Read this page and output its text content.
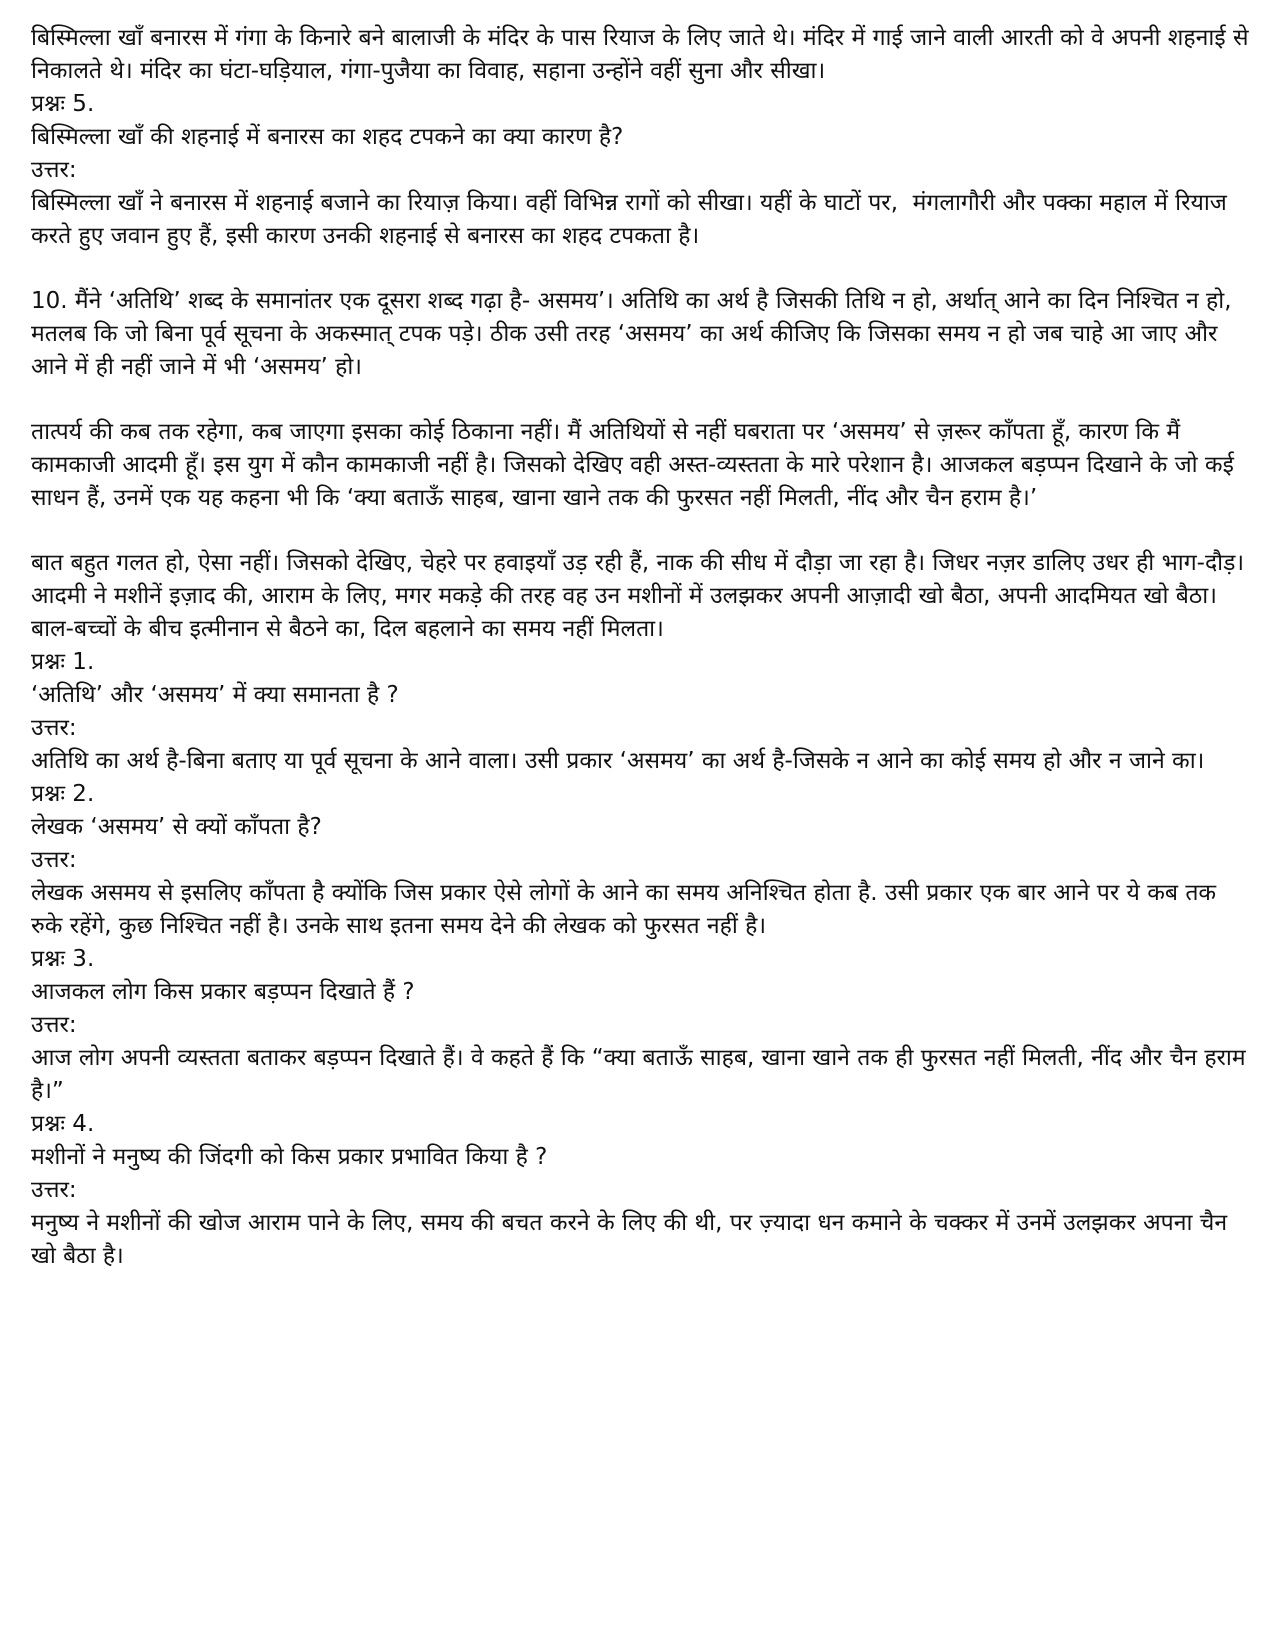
बिस्मिल्ला खाँ बनारस में गंगा के किनारे बने बालाजी के मंदिर के पास रियाज के लिए जाते थे। मंदिर में गाई जाने वाली आरती को वे अपनी शहनाई से निकालते थे। मंदिर का घंटा-घड़ियाल, गंगा-पुजैया का विवाह, सहाना उन्होंने वहीं सुना और सीखा।

प्रश्नः 5.

बिस्मिल्ला खाँ की शहनाई में बनारस का शहद टपकने का क्या कारण है?

उत्तर:

बिस्मिल्ला खाँ ने बनारस में शहनाई बजाने का रियाज़ किया। वहीं विभिन्न रागों को सीखा। यहीं के घाटों पर,  मंगलागौरी और पक्का महाल में रियाज करते हुए जवान हुए हैं, इसी कारण उनकी शहनाई से बनारस का शहद टपकता है।

10. मैंने ‘अतिथि’ शब्द के समानांतर एक दूसरा शब्द गढ़ा है- असमय’। अतिथि का अर्थ है जिसकी तिथि न हो, अर्थात् आने का दिन निश्चित न हो, मतलब कि जो बिना पूर्व सूचना के अकस्मात् टपक पड़े। ठीक उसी तरह ‘असमय’ का अर्थ कीजिए कि जिसका समय न हो जब चाहे आ जाए और आने में ही नहीं जाने में भी ‘असमय’ हो।

तात्पर्य की कब तक रहेगा, कब जाएगा इसका कोई ठिकाना नहीं। मैं अतिथियों से नहीं घबराता पर ‘असमय’ से ज़रूर काँपता हूँ, कारण कि मैं कामकाजी आदमी हूँ। इस युग में कौन कामकाजी नहीं है। जिसको देखिए वही अस्त-व्यस्तता के मारे परेशान है। आजकल बड़प्पन दिखाने के जो कई साधन हैं, उनमें एक यह कहना भी कि ‘क्या बताऊँ साहब, खाना खाने तक की फुरसत नहीं मिलती, नींद और चैन हराम है।’

बात बहुत गलत हो, ऐसा नहीं। जिसको देखिए, चेहरे पर हवाइयाँ उड़ रही हैं, नाक की सीध में दौड़ा जा रहा है। जिधर नज़र डालिए उधर ही भाग-दौड़। आदमी ने मशीनें इज़ाद की, आराम के लिए, मगर मकड़े की तरह वह उन मशीनों में उलझकर अपनी आज़ादी खो बैठा, अपनी आदमियत खो बैठा। बाल-बच्चों के बीच इत्मीनान से बैठने का, दिल बहलाने का समय नहीं मिलता।

प्रश्नः 1.

‘अतिथि’ और ‘असमय’ में क्या समानता है ?

उत्तर:

अतिथि का अर्थ है-बिना बताए या पूर्व सूचना के आने वाला। उसी प्रकार ‘असमय’ का अर्थ है-जिसके न आने का कोई समय हो और न जाने का।

प्रश्नः 2.

लेखक ‘असमय’ से क्यों काँपता है?

उत्तर:

लेखक असमय से इसलिए काँपता है क्योंकि जिस प्रकार ऐसे लोगों के आने का समय अनिश्चित होता है. उसी प्रकार एक बार आने पर ये कब तक रुके रहेंगे, कुछ निश्चित नहीं है। उनके साथ इतना समय देने की लेखक को फुरसत नहीं है।

प्रश्नः 3.

आजकल लोग किस प्रकार बड़प्पन दिखाते हैं ?

उत्तर:

आज लोग अपनी व्यस्तता बताकर बड़प्पन दिखाते हैं। वे कहते हैं कि “क्या बताऊँ साहब, खाना खाने तक ही फुरसत नहीं मिलती, नींद और चैन हराम है।”

प्रश्नः 4.

मशीनों ने मनुष्य की जिंदगी को किस प्रकार प्रभावित किया है ?

उत्तर:

मनुष्य ने मशीनों की खोज आराम पाने के लिए, समय की बचत करने के लिए की थी, पर ज़्यादा धन कमाने के चक्कर में उनमें उलझकर अपना चैन खो बैठा है।
